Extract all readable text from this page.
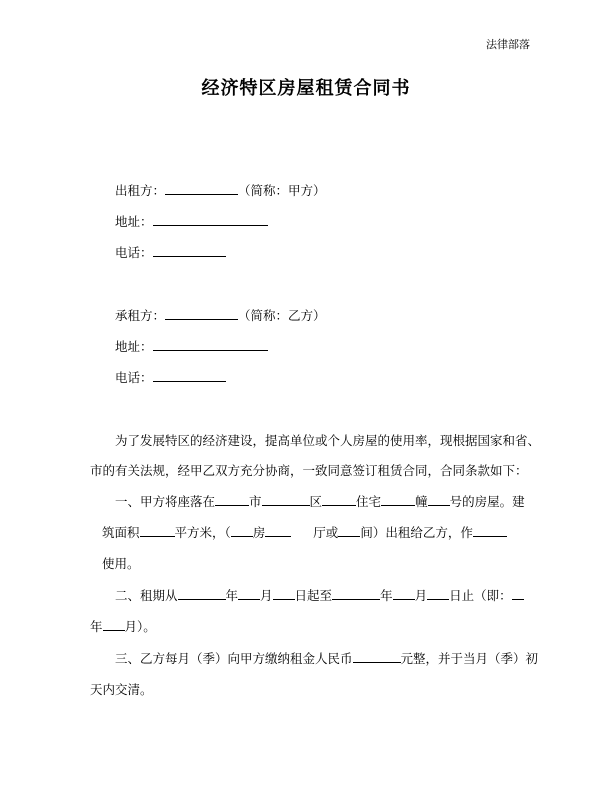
法律部落
经济特区房屋租赁合同书
出租方：	（简称：甲方）
地址：
电话：
承租方：	（简称：乙方）
地址：
电话：
为了发展特区的经济建设，提高单位或个人房屋的使用率，现根据国家和省、
市的有关法规，经甲乙双方充分协商，一致同意签订租赁合同，合同条款如下：
一、甲方将座落在	市	区	住宅	幢 号的房屋。建
筑面积	平方米，（ 房	厅或 间）出租给乙方，作
使用。
二、租期从	年 月 日起至	年 月 日止（即：
年 月）。
三、乙方每月（季）向甲方缴纳租金人民币	元整，并于当月（季）初
天内交清。
